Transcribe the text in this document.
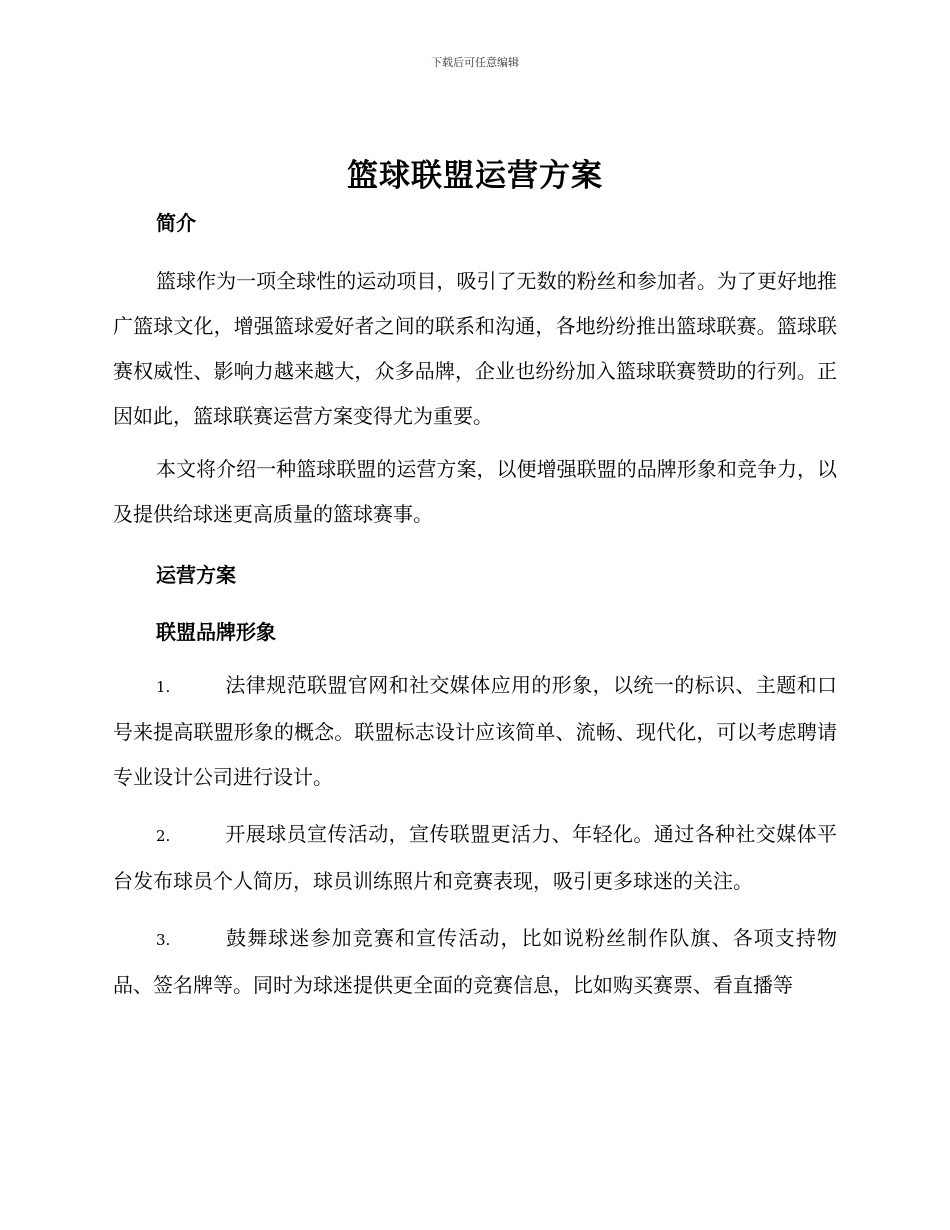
下载后可任意编辑

篮球联盟运营方案
简介

篮球作为一项全球性的运动项目，吸引了无数的粉丝和参加者。为了更好地推广篮球文化，增强篮球爱好者之间的联系和沟通，各地纷纷推出篮球联赛。篮球联赛权威性、影响力越来越大，众多品牌，企业也纷纷加入篮球联赛赞助的行列。正因如此，篮球联赛运营方案变得尤为重要。

本文将介绍一种篮球联盟的运营方案，以便增强联盟的品牌形象和竞争力，以及提供给球迷更高质量的篮球赛事。

运营方案
联盟品牌形象

1.	法律规范联盟官网和社交媒体应用的形象，以统一的标识、主题和口号来提高联盟形象的概念。联盟标志设计应该简单、流畅、现代化，可以考虑聘请专业设计公司进行设计。

2.	开展球员宣传活动，宣传联盟更活力、年轻化。通过各种社交媒体平台发布球员个人简历，球员训练照片和竞赛表现，吸引更多球迷的关注。

3.	鼓舞球迷参加竞赛和宣传活动，比如说粉丝制作队旗、各项支持物品、签名牌等。同时为球迷提供更全面的竞赛信息，比如购买赛票、看直播等
